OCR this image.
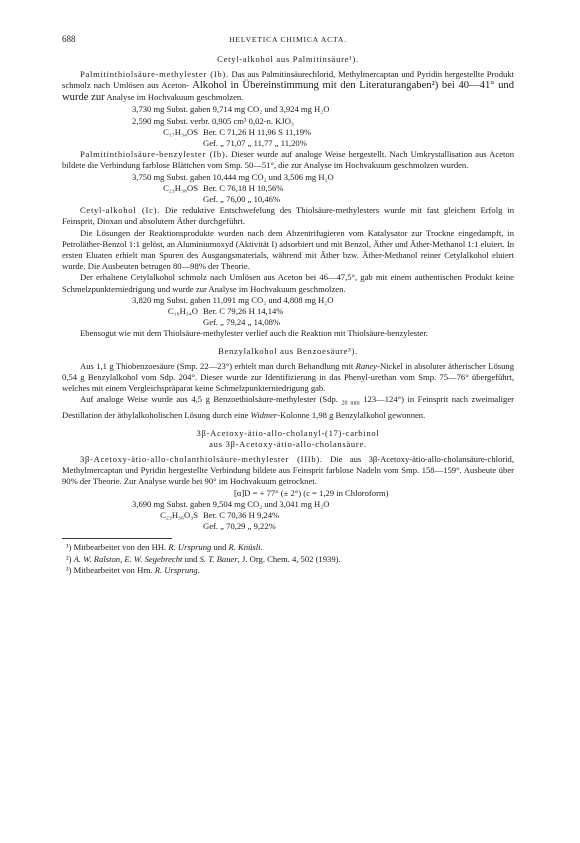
688	HELVETICA CHIMICA ACTA.
Cetyl-alkohol aus Palmitinsäure¹).

Palmitinthiolsäure-methylester (Ib). Das aus Palmitinsäurechlorid, Methylmercaptan und Pyridin hergestellte Produkt schmolz nach Umlösen aus Aceton- Alkohol in Übereinstimmung mit den Literaturangaben²) bei 40—41° und wurde zur Analyse im Hochvakuum geschmolzen.

3,730 mg Subst. gaben 9,714 mg CO₂ und 3,924 mg H₂O
2,590 mg Subst. verbr. 0,905 cm³ 0,02-n. KJO₃
C₁₇H₃₄OS Ber. C 71,26 H 11,96 S 11,19%
Gef. „ 71,07 „ 11,77 „ 11,20%

Palmitinthiolsäure-benzylester (Ib). Dieser wurde auf analoge Weise hergestellt. Nach Umkrystallisation aus Aceton bildete die Verbindung farblose Blättchen vom Smp. 50—51°, die zur Analyse im Hochvakuum geschmolzen wurden.

3,750 mg Subst. gaben 10,444 mg CO₂ und 3,506 mg H₂O
C₂₃H₃₈OS Ber. C 76,18 H 10,56%
Gef. „ 76,00 „ 10,46%

Cetyl-alkohol (Ic). Die reduktive Entschwefelung des Thiolsäure-methylesters wurde mit fast gleichem Erfolg in Feinsprit, Dioxan und absolutem Äther durchgeführt.

Die Lösungen der Reaktionsprodukte wurden nach dem Abzentrifugieren vom Katalysator zur Trockne eingedampft, in Petroläther-Benzol 1:1 gelöst, an Aluminiumoxyd (Aktivität I) adsorbiert und mit Benzol, Äther und Äther-Methanol 1:1 eluiert. In ersten Eluaten erhielt man Spuren des Ausgangsmaterials, während mit Äther bzw. Äther-Methanol reiner Cetylalkohol eluiert wurde. Die Ausbeuten betrugen 80—98% der Theorie.

Der erhaltene Cetylalkohol schmolz nach Umlösen aus Aceton bei 46—47,5°, gab mit einem authentischen Produkt keine Schmelzpunkterniedrigung und wurde zur Analyse im Hochvakuum geschmolzen.

3,820 mg Subst. gaben 11,091 mg CO₂ und 4,808 mg H₂O
C₁₆H₃₄O Ber. C 79,26 H 14,14%
Gef. „ 79,24 „ 14,08%

Ebensogut wie mit dem Thiolsäure-methylester verlief auch die Reaktion mit Thiolsäure-benzylester.

Benzylalkohol aus Benzoesäure³).

Aus 1,1 g Thiobenzoesäure (Smp. 22—23°) erhielt man durch Behandlung mit Raney-Nickel in absoluter ätherischer Lösung 0,54 g Benzylalkohol vom Sdp. 204°. Dieser wurde zur Identifizierung in das Phenyl-urethan vom Smp. 75—76° übergeführt, welches mit einem Vergleichspräparat keine Schmelzpunkterniedrigung gab.

Auf analoge Weise wurde aus 4,5 g Benzoethiolsäure-methylester (Sdp. $_{20 mm}$ 123—124°) in Feinsprit nach zweimaliger Destillation der äthylalkoholischen Lösung durch eine Widmer-Kolonne 1,98 g Benzylalkohol gewonnen.

3β-Acetoxy-ätio-allo-cholanyl-(17)-carbinol
aus 3β-Acetoxy-ätio-allo-cholansäure.

3β-Acetoxy-ätio-allo-cholanthiolsäure-methylester (IIIb). Die aus 3β-Acetoxy-ätio-allo-cholansäure-chlorid, Methylmercaptan und Pyridin hergestellte Verbindung bildete aus Feinsprit farblose Nadeln vom Smp. 158—159°. Ausbeute über 90% der Theorie. Zur Analyse wurde bei 90° im Hochvakuum getrocknet.

[α]D = + 77° (± 2°) (c = 1,29 in Chloroform)
3,690 mg Subst. gaben 9,504 mg CO₂ und 3,041 mg H₂O
C₂₃H₃₆O₃S Ber. C 70,36 H 9,24%
Gef. „ 70,29 „ 9,22%
¹) Mitbearbeitet von den HH. R. Ursprung und R. Knüsli.
²) A. W. Ralston, E. W. Segebrecht und S. T. Bauer, J. Org. Chem. 4, 502 (1939).
³) Mitbearbeitet von Hrn. R. Ursprung.
